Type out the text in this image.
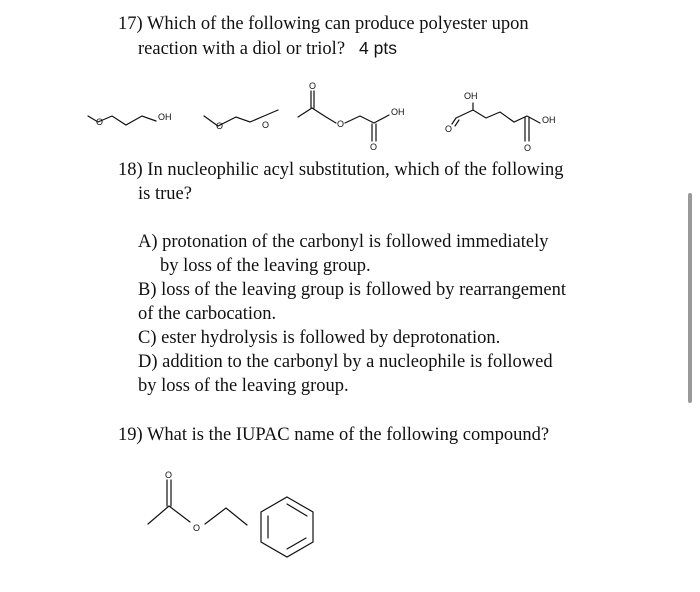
17) Which of the following can produce polyester upon

reaction with a diol or triol? 4 pts

O	OH
O	O
O
O
OH
O
OH
O
OH
O
O
O

18) In nucleophilic acyl substitution, which of the following

is true?

A) protonation of the carbonyl is followed immediately

by loss of the leaving group.

B) loss of the leaving group is followed by rearrangement

of the carbocation.

C) ester hydrolysis is followed by deprotonation.

D) addition to the carbonyl by a nucleophile is followed

by loss of the leaving group.

19) What is the IUPAC name of the following compound?
